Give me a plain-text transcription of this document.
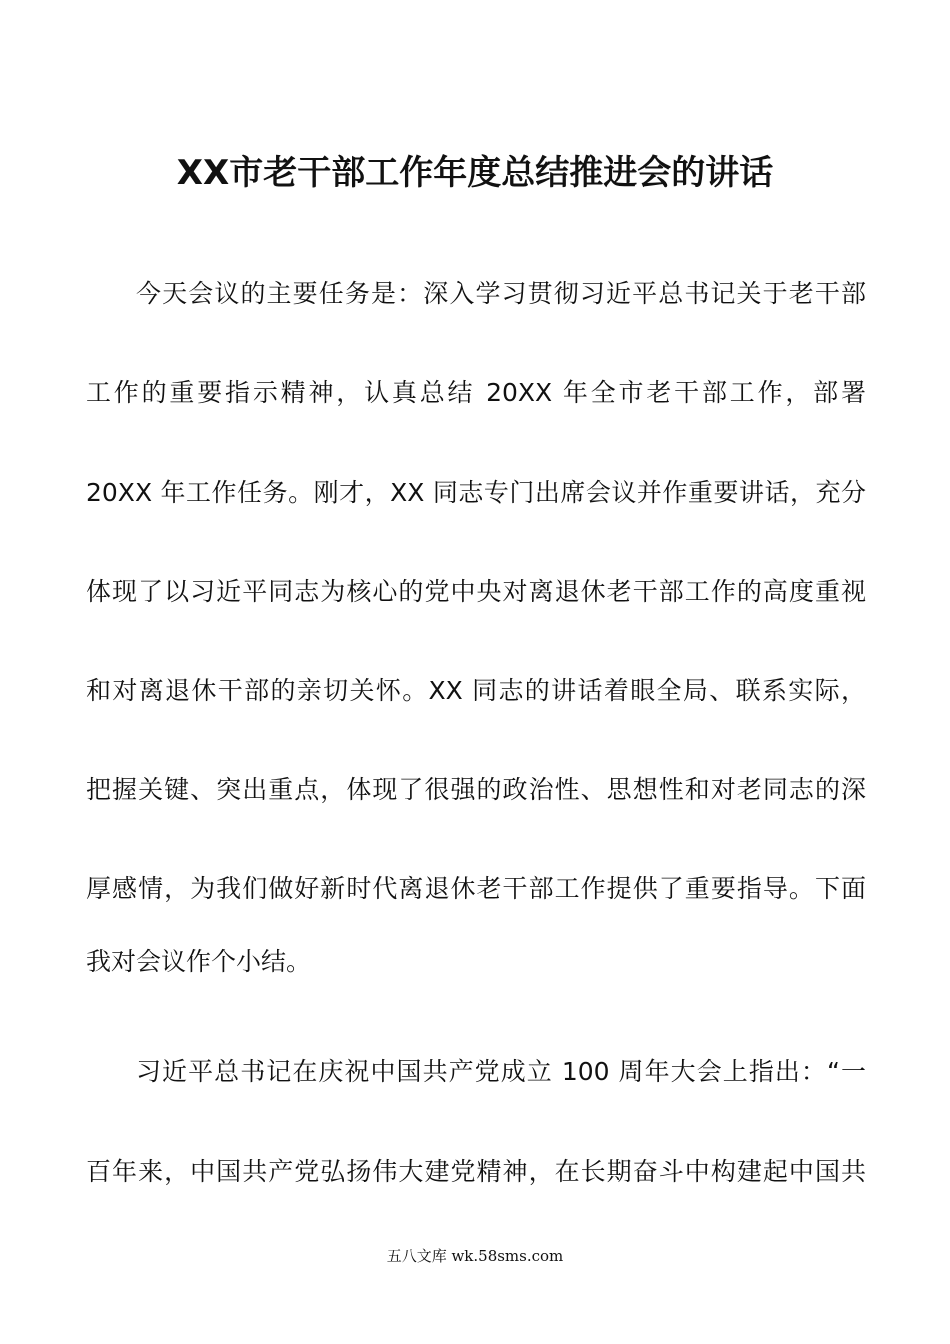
XX市老干部工作年度总结推进会的讲话
今天会议的主要任务是：深入学习贯彻习近平总书记关于老干部
工作的重要指示精神，认真总结 20XX 年全市老干部工作，部署
20XX 年工作任务。刚才，XX 同志专门出席会议并作重要讲话，充分
体现了以习近平同志为核心的党中央对离退休老干部工作的高度重视
和对离退休干部的亲切关怀。XX 同志的讲话着眼全局、联系实际，
把握关键、突出重点，体现了很强的政治性、思想性和对老同志的深
厚感情，为我们做好新时代离退休老干部工作提供了重要指导。下面
我对会议作个小结。
习近平总书记在庆祝中国共产党成立 100 周年大会上指出：“一
百年来，中国共产党弘扬伟大建党精神，在长期奋斗中构建起中国共
五八文库 wk.58sms.com
